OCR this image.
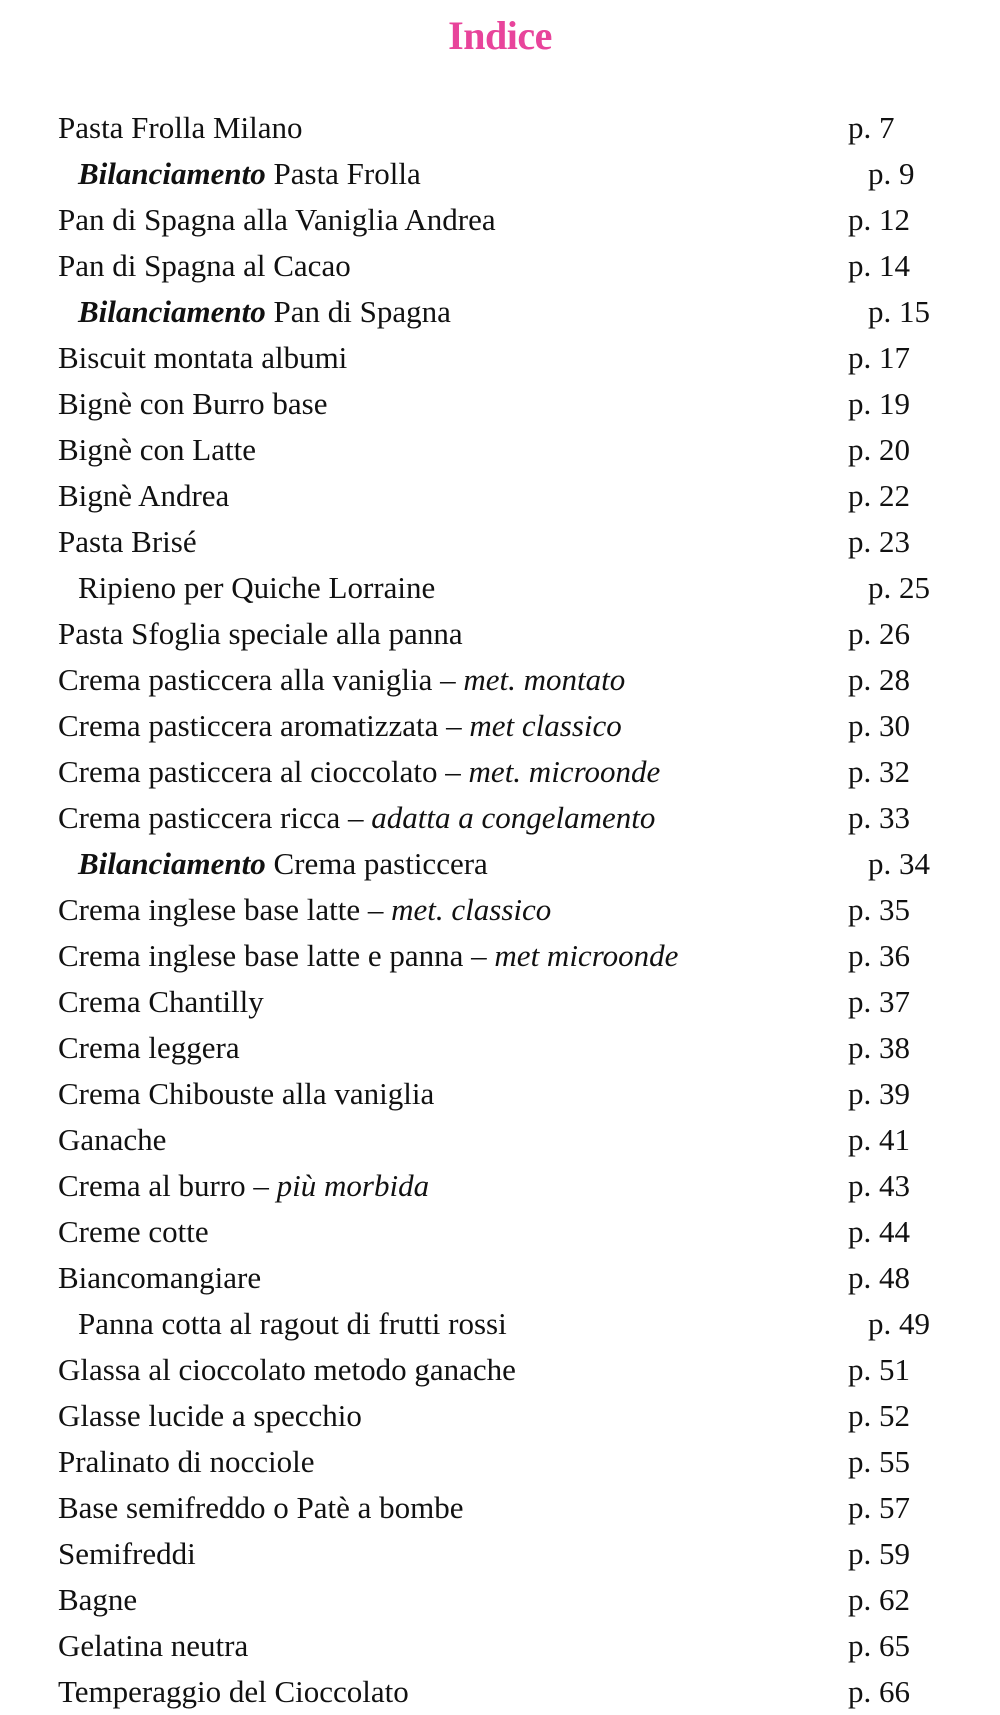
Indice
Pasta Frolla Milano	p. 7
Bilanciamento Pasta Frolla	p. 9
Pan di Spagna alla Vaniglia Andrea	p. 12
Pan di Spagna al Cacao	p. 14
Bilanciamento Pan di Spagna	p. 15
Biscuit montata albumi	p. 17
Bignè con Burro base	p. 19
Bignè con Latte	p. 20
Bignè Andrea	p. 22
Pasta Brisé	p. 23
Ripieno per Quiche Lorraine	p. 25
Pasta Sfoglia speciale alla panna	p. 26
Crema pasticcera alla vaniglia – met. montato	p. 28
Crema pasticcera aromatizzata – met classico	p. 30
Crema pasticcera al cioccolato – met. microonde	p. 32
Crema pasticcera ricca – adatta a congelamento	p. 33
Bilanciamento Crema pasticcera	p. 34
Crema inglese base latte – met. classico	p. 35
Crema inglese base latte e panna – met microonde	p. 36
Crema Chantilly	p. 37
Crema leggera	p. 38
Crema Chibouste alla vaniglia	p. 39
Ganache	p. 41
Crema al burro – più morbida	p. 43
Creme cotte	p. 44
Biancomangiare	p. 48
Panna cotta al ragout di frutti rossi	p. 49
Glassa al cioccolato metodo ganache	p. 51
Glasse lucide a specchio	p. 52
Pralinato di nocciole	p. 55
Base semifreddo o Patè a bombe	p. 57
Semifreddi	p. 59
Bagne	p. 62
Gelatina neutra	p. 65
Temperaggio del Cioccolato	p. 66
